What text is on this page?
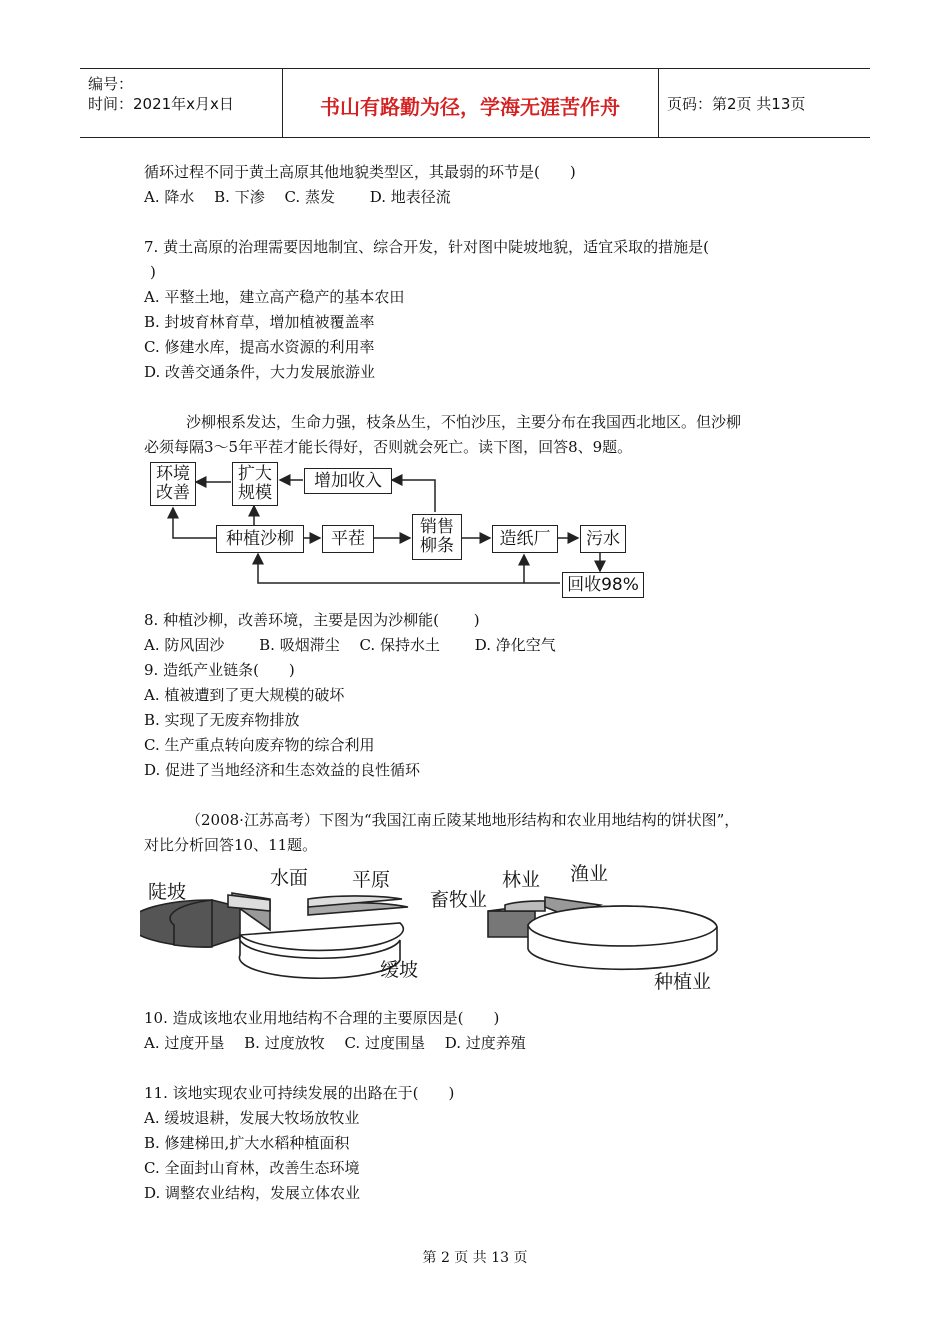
编号：
时间：2021年x月x日	书山有路勤为径，学海无涯苦作舟	页码：第2页 共13页
循环过程不同于黄土高原其他地貌类型区，其最弱的环节是(　　)
A. 降水　 B. 下渗　 C. 蒸发　　 D. 地表径流
7. 黄土高原的治理需要因地制宜、综合开发，针对图中陡坡地貌，适宜采取的措施是(
)
A. 平整土地，建立高产稳产的基本农田
B. 封坡育林育草，增加植被覆盖率
C. 修建水库，提高水资源的利用率
D. 改善交通条件，大力发展旅游业
沙柳根系发达，生命力强，枝条丛生，不怕沙压，主要分布在我国西北地区。但沙柳
必须每隔3～5年平茬才能长得好，否则就会死亡。读下图，回答8、9题。
环境
改善
扩大
规模
增加收入
种植沙柳	平茬
销售
柳条	造纸厂	污水
回收98%
8. 种植沙柳，改善环境，主要是因为沙柳能(　　 )
A. 防风固沙　　 B. 吸烟滞尘　 C. 保持水土　　 D. 净化空气
9. 造纸产业链条(　　)
A. 植被遭到了更大规模的破坏
B. 实现了无废弃物排放
C. 生产重点转向废弃物的综合利用
D. 促进了当地经济和生态效益的良性循环
（2008·江苏高考）下图为“我国江南丘陵某地地形结构和农业用地结构的饼状图”，
对比分析回答10、11题。
陡坡
水面 平原
缓坡
畜牧业
林业 渔业
种植业
10. 造成该地农业用地结构不合理的主要原因是(　　)
A. 过度开垦　 B. 过度放牧　 C. 过度围垦　 D. 过度养殖
11. 该地实现农业可持续发展的出路在于(　　)
A. 缓坡退耕，发展大牧场放牧业
B. 修建梯田,扩大水稻种植面积
C. 全面封山育林，改善生态环境
D. 调整农业结构，发展立体农业
第 2 页 共 13 页
